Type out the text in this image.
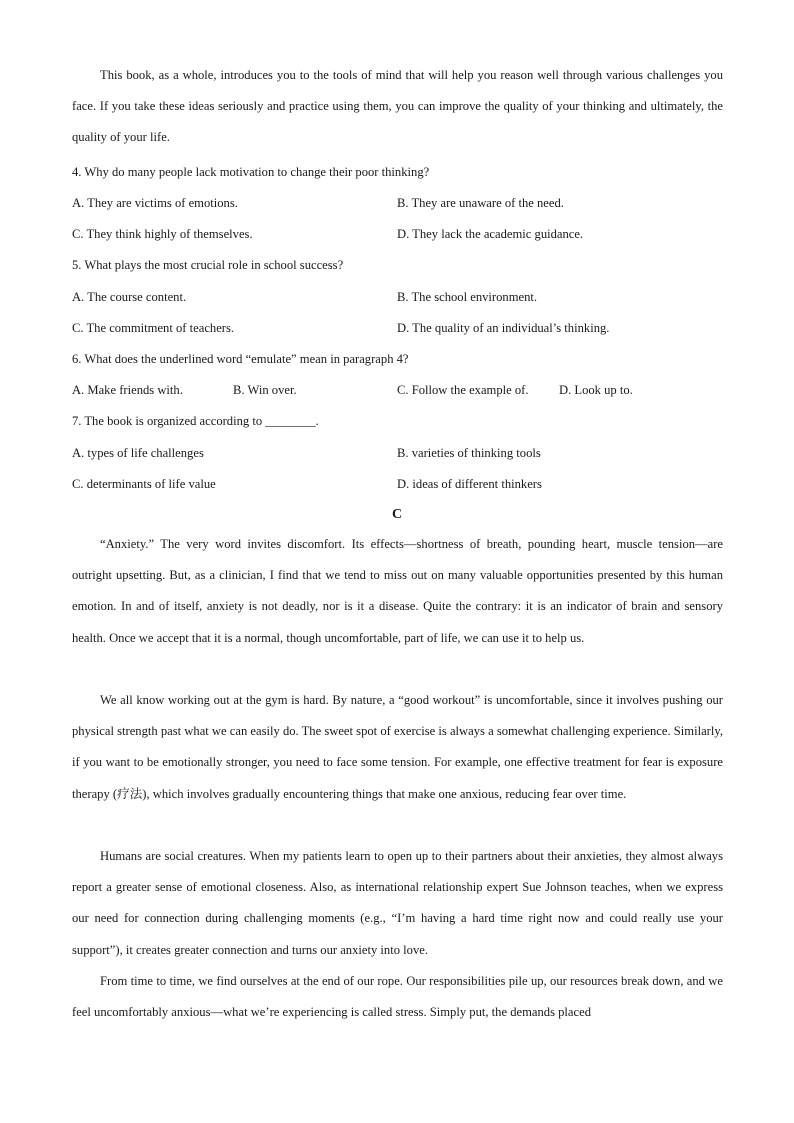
This book, as a whole, introduces you to the tools of mind that will help you reason well through various challenges you face. If you take these ideas seriously and practice using them, you can improve the quality of your thinking and ultimately, the quality of your life.

4. Why do many people lack motivation to change their poor thinking?

A. They are victims of emotions.	B. They are unaware of the need.

C. They think highly of themselves.	D. They lack the academic guidance.

5. What plays the most crucial role in school success?

A. The course content.	B. The school environment.

C. The commitment of teachers.	D. The quality of an individual’s thinking.

6. What does the underlined word “emulate” mean in paragraph 4?

A. Make friends with.	B. Win over.	C. Follow the example of. D. Look up to.

7. The book is organized according to ________.

A. types of life challenges	B. varieties of thinking tools

C. determinants of life value	D. ideas of different thinkers

C

“Anxiety.” The very word invites discomfort. Its effects—shortness of breath, pounding heart, muscle tension—are outright upsetting. But, as a clinician, I find that we tend to miss out on many valuable opportunities presented by this human emotion. In and of itself, anxiety is not deadly, nor is it a disease. Quite the contrary: it is an indicator of brain and sensory health. Once we accept that it is a normal, though uncomfortable, part of life, we can use it to help us.

We all know working out at the gym is hard. By nature, a “good workout” is uncomfortable, since it involves pushing our physical strength past what we can easily do. The sweet spot of exercise is always a somewhat challenging experience. Similarly, if you want to be emotionally stronger, you need to face some tension. For example, one effective treatment for fear is exposure therapy (疗法), which involves gradually encountering things that make one anxious, reducing fear over time.

Humans are social creatures. When my patients learn to open up to their partners about their anxieties, they almost always report a greater sense of emotional closeness. Also, as international relationship expert Sue Johnson teaches, when we express our need for connection during challenging moments (e.g., “I’m having a hard time right now and could really use your support”), it creates greater connection and turns our anxiety into love.

From time to time, we find ourselves at the end of our rope. Our responsibilities pile up, our resources break down, and we feel uncomfortably anxious—what we’re experiencing is called stress. Simply put, the demands placed
